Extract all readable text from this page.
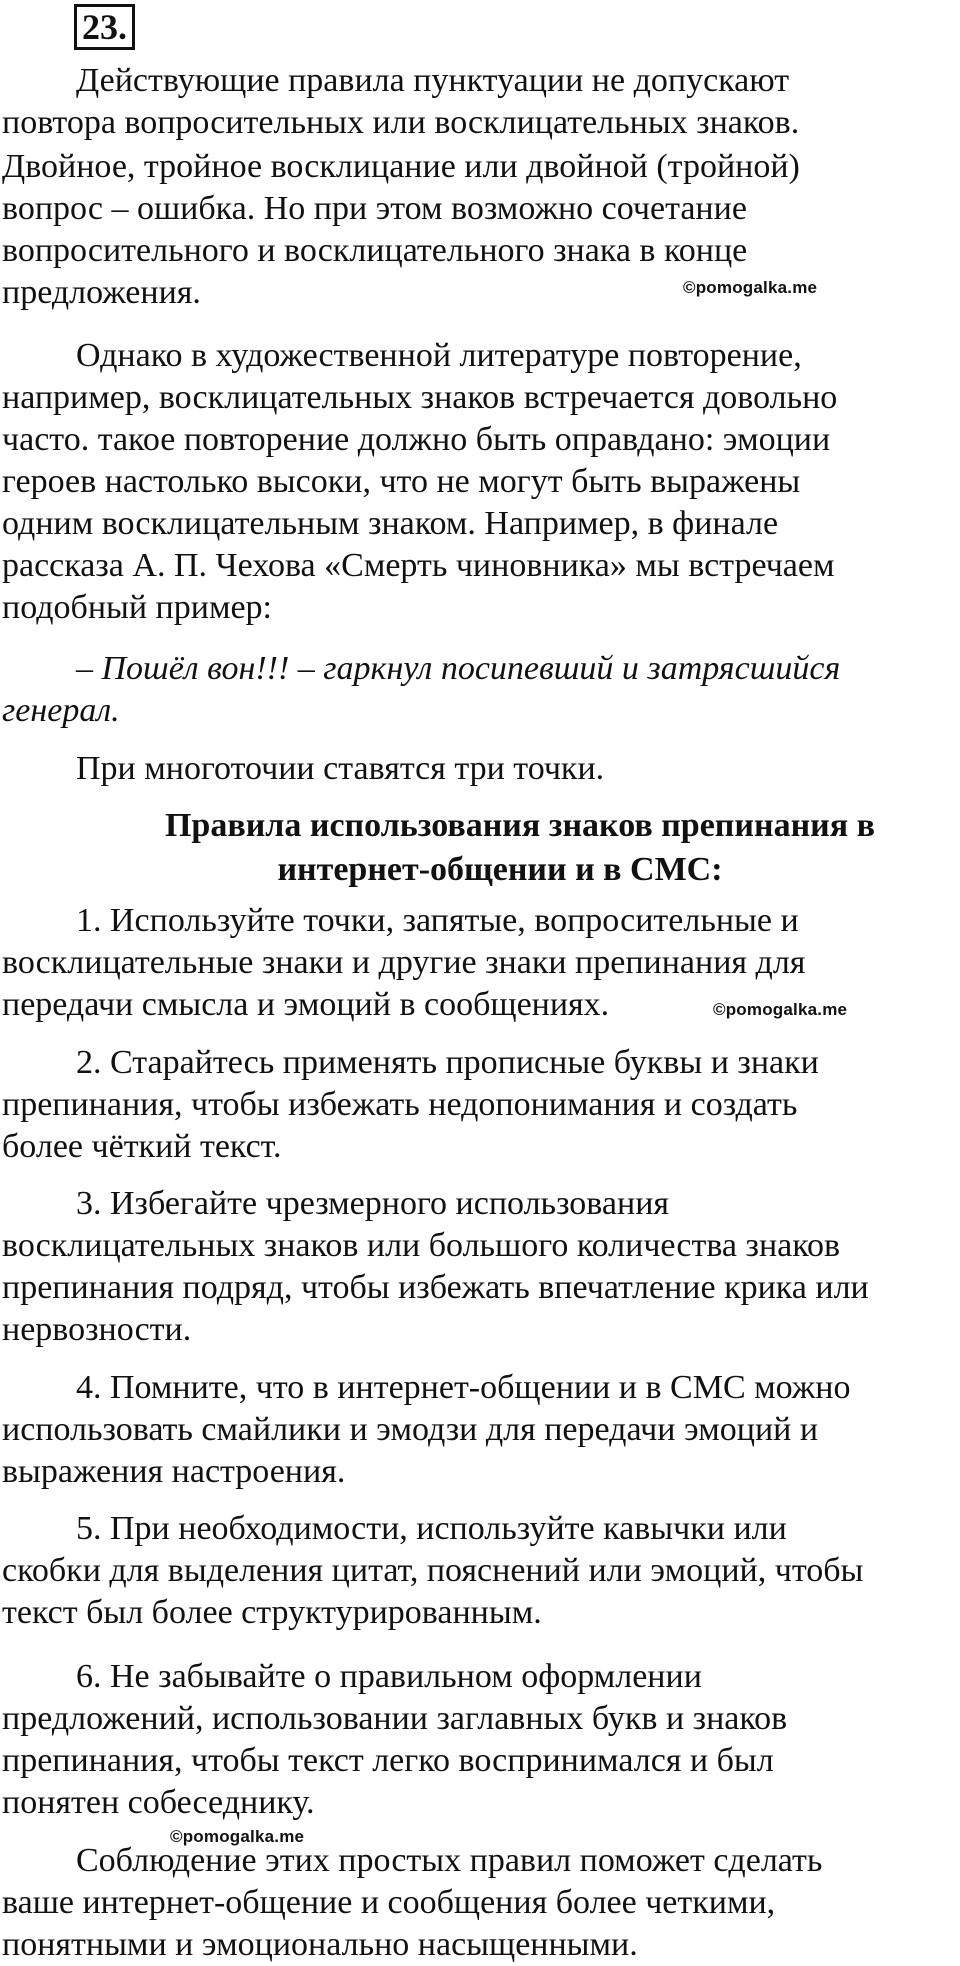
23.
Действующие правила пунктуации не допускают
повтора вопросительных или восклицательных знаков.
Двойное, тройное восклицание или двойной (тройной)
вопрос – ошибка. Но при этом возможно сочетание
вопросительного и восклицательного знака в конце
предложения.	©pomogalka.me
Однако в художественной литературе повторение,
например, восклицательных знаков встречается довольно
часто. такое повторение должно быть оправдано: эмоции
героев настолько высоки, что не могут быть выражены
одним восклицательным знаком. Например, в финале
рассказа А. П. Чехова «Смерть чиновника» мы встречаем
подобный пример:
– Пошёл вон!!! – гаркнул посипевший и затрясшийся
генерал.
При многоточии ставятся три точки.
Правила использования знаков препинания в
интернет-общении и в СМС:
1. Используйте точки, запятые, вопросительные и
восклицательные знаки и другие знаки препинания для
передачи смысла и эмоций в сообщениях.	©pomogalka.me
2. Старайтесь применять прописные буквы и знаки
препинания, чтобы избежать недопонимания и создать
более чёткий текст.
3. Избегайте чрезмерного использования
восклицательных знаков или большого количества знаков
препинания подряд, чтобы избежать впечатление крика или
нервозности.
4. Помните, что в интернет-общении и в СМС можно
использовать смайлики и эмодзи для передачи эмоций и
выражения настроения.
5. При необходимости, используйте кавычки или
скобки для выделения цитат, пояснений или эмоций, чтобы
текст был более структурированным.
6. Не забывайте о правильном оформлении
предложений, использовании заглавных букв и знаков
препинания, чтобы текст легко воспринимался и был
понятен собеседнику.
©pomogalka.me
Соблюдение этих простых правил поможет сделать
ваше интернет-общение и сообщения более четкими,
понятными и эмоционально насыщенными.
